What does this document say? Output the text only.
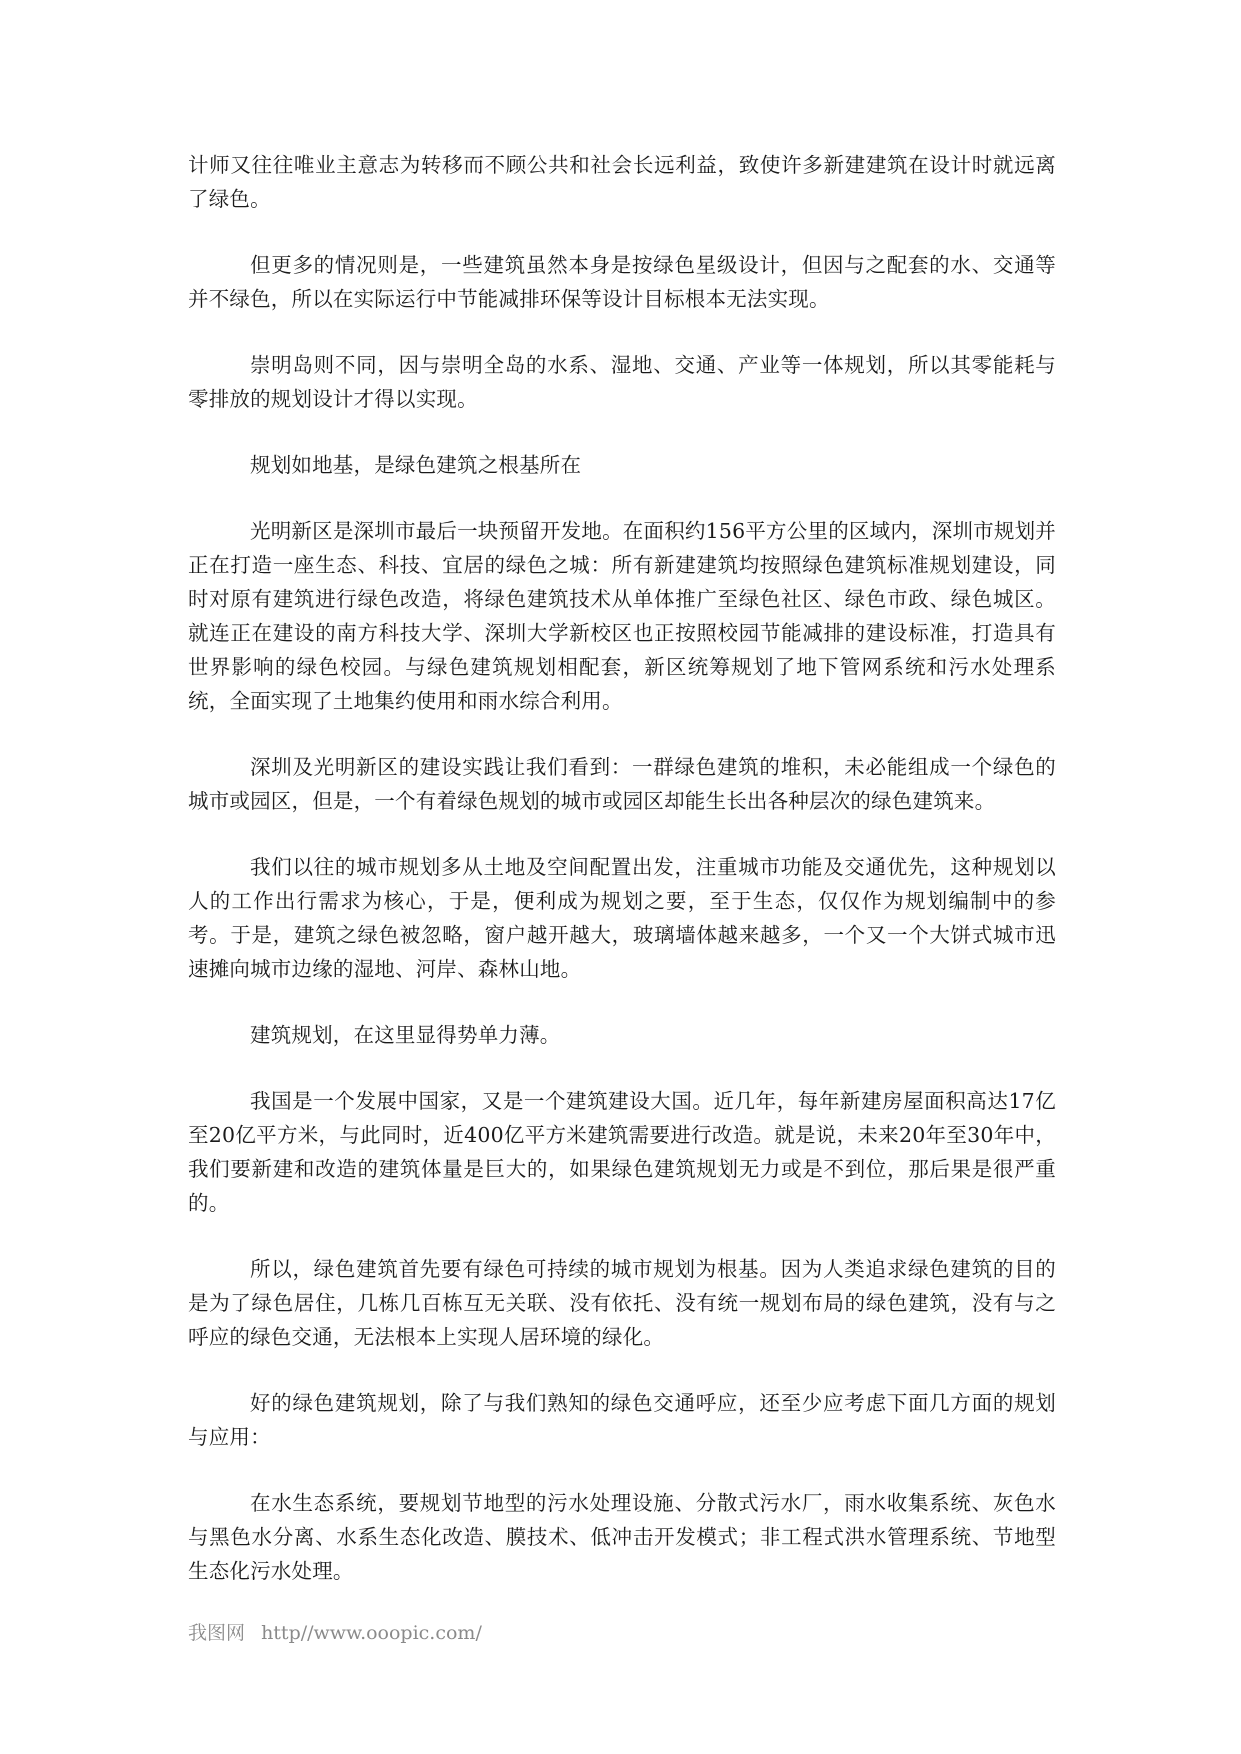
计师又往往唯业主意志为转移而不顾公共和社会长远利益，致使许多新建建筑在设计时就远离了绿色。

但更多的情况则是，一些建筑虽然本身是按绿色星级设计，但因与之配套的水、交通等并不绿色，所以在实际运行中节能减排环保等设计目标根本无法实现。

崇明岛则不同，因与崇明全岛的水系、湿地、交通、产业等一体规划，所以其零能耗与零排放的规划设计才得以实现。

规划如地基，是绿色建筑之根基所在

光明新区是深圳市最后一块预留开发地。在面积约156平方公里的区域内，深圳市规划并正在打造一座生态、科技、宜居的绿色之城：所有新建建筑均按照绿色建筑标准规划建设，同时对原有建筑进行绿色改造，将绿色建筑技术从单体推广至绿色社区、绿色市政、绿色城区。就连正在建设的南方科技大学、深圳大学新校区也正按照校园节能减排的建设标准，打造具有世界影响的绿色校园。与绿色建筑规划相配套，新区统筹规划了地下管网系统和污水处理系统，全面实现了土地集约使用和雨水综合利用。

深圳及光明新区的建设实践让我们看到：一群绿色建筑的堆积，未必能组成一个绿色的城市或园区，但是，一个有着绿色规划的城市或园区却能生长出各种层次的绿色建筑来。

我们以往的城市规划多从土地及空间配置出发，注重城市功能及交通优先，这种规划以人的工作出行需求为核心，于是，便利成为规划之要，至于生态，仅仅作为规划编制中的参考。于是，建筑之绿色被忽略，窗户越开越大，玻璃墙体越来越多，一个又一个大饼式城市迅速摊向城市边缘的湿地、河岸、森林山地。

建筑规划，在这里显得势单力薄。

我国是一个发展中国家，又是一个建筑建设大国。近几年，每年新建房屋面积高达17亿至20亿平方米，与此同时，近400亿平方米建筑需要进行改造。就是说，未来20年至30年中，我们要新建和改造的建筑体量是巨大的，如果绿色建筑规划无力或是不到位，那后果是很严重的。

所以，绿色建筑首先要有绿色可持续的城市规划为根基。因为人类追求绿色建筑的目的是为了绿色居住，几栋几百栋互无关联、没有依托、没有统一规划布局的绿色建筑，没有与之呼应的绿色交通，无法根本上实现人居环境的绿化。

好的绿色建筑规划，除了与我们熟知的绿色交通呼应，还至少应考虑下面几方面的规划与应用：

在水生态系统，要规划节地型的污水处理设施、分散式污水厂，雨水收集系统、灰色水与黑色水分离、水系生态化改造、膜技术、低冲击开发模式；非工程式洪水管理系统、节地型生态化污水处理。

我图网 http//www.ooopic.com/
